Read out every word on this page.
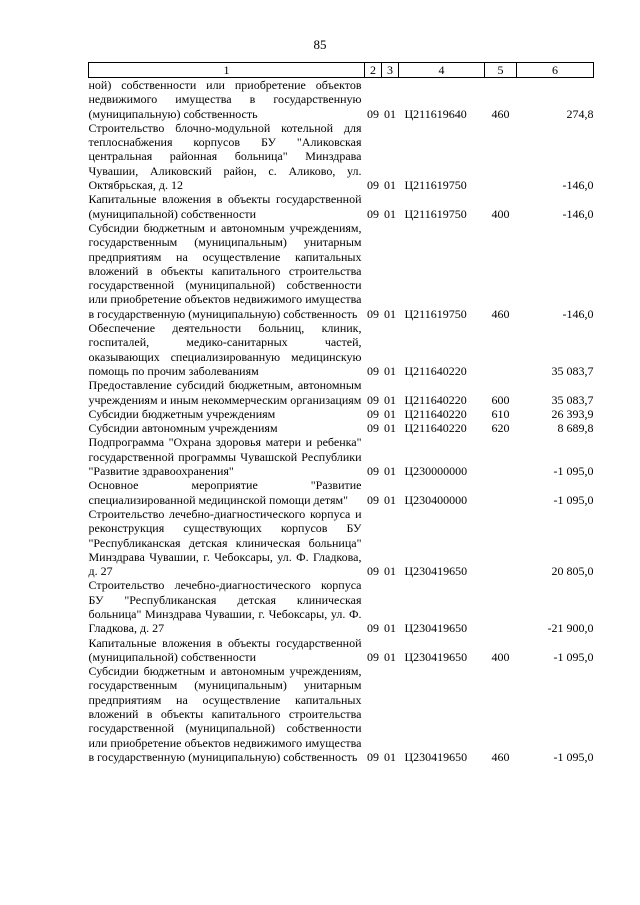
85
1	2	3	4	5	6
ной) собственности или приобретение объектов недвижимого имущества в государственную (муниципальную) собственность	09	01	Ц211619640	460	274,8
Строительство блочно-модульной котельной для теплоснабжения корпусов БУ "Аликовская центральная районная больница" Минздрава Чувашии, Аликовский район, с. Аликово, ул. Октябрьская, д. 12	09	01	Ц211619750		-146,0
Капитальные вложения в объекты государственной (муниципальной) собственности	09	01	Ц211619750	400	-146,0
Субсидии бюджетным и автономным учреждениям, государственным (муниципальным) унитарным предприятиям на осуществление капитальных вложений в объекты капитального строительства государственной (муниципальной) собственности или приобретение объектов недвижимого имущества в государственную (муниципальную) собственность	09	01	Ц211619750	460	-146,0
Обеспечение деятельности больниц, клиник, госпиталей, медико-санитарных частей, оказывающих специализированную медицинскую помощь по прочим заболеваниям	09	01	Ц211640220		35 083,7
Предоставление субсидий бюджетным, автономным учреждениям и иным некоммерческим организациям	09	01	Ц211640220	600	35 083,7
Субсидии бюджетным учреждениям	09	01	Ц211640220	610	26 393,9
Субсидии автономным учреждениям	09	01	Ц211640220	620	8 689,8
Подпрограмма "Охрана здоровья матери и ребенка" государственной программы Чувашской Республики "Развитие здравоохранения"	09	01	Ц230000000		-1 095,0
Основное мероприятие "Развитие специализированной медицинской помощи детям"	09	01	Ц230400000		-1 095,0
Строительство лечебно-диагностического корпуса и реконструкция существующих корпусов БУ "Республиканская детская клиническая больница" Минздрава Чувашии, г. Чебоксары, ул. Ф. Гладкова, д. 27	09	01	Ц230419650		20 805,0
Строительство лечебно-диагностического корпуса БУ "Республиканская детская клиническая больница" Минздрава Чувашии, г. Чебоксары, ул. Ф. Гладкова, д. 27	09	01	Ц230419650		-21 900,0
Капитальные вложения в объекты государственной (муниципальной) собственности	09	01	Ц230419650	400	-1 095,0
Субсидии бюджетным и автономным учреждениям, государственным (муниципальным) унитарным предприятиям на осуществление капитальных вложений в объекты капитального строительства государственной (муниципальной) собственности или приобретение объектов недвижимого имущества в государственную (муниципальную) собственность	09	01	Ц230419650	460	-1 095,0
